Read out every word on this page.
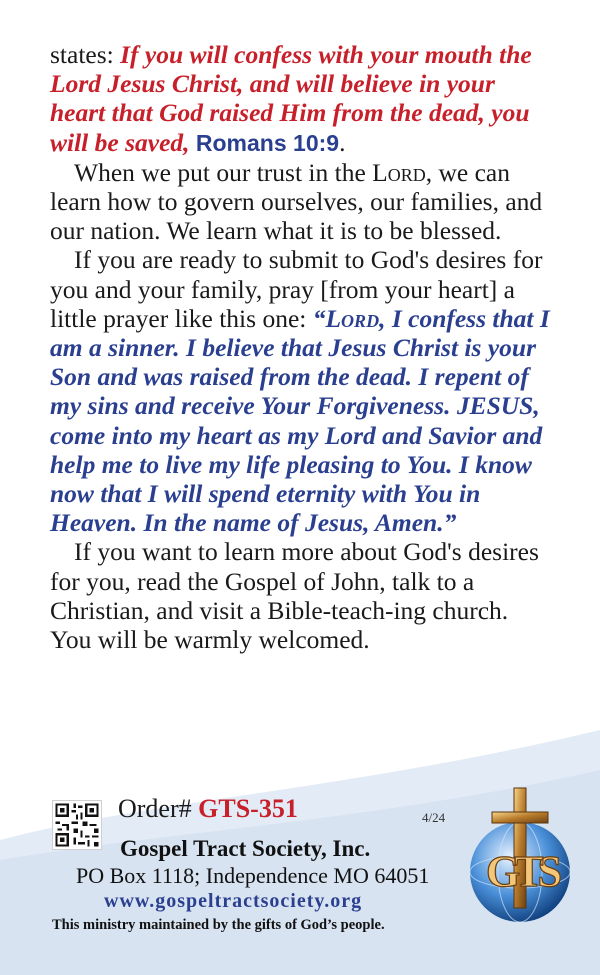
states: If you will confess with your mouth the Lord Jesus Christ, and will believe in your heart that God raised Him from the dead, you will be saved, Romans 10:9.

When we put our trust in the Lord, we can learn how to govern ourselves, our families, and our nation. We learn what it is to be blessed.

If you are ready to submit to God's desires for you and your family, pray [from your heart] a little prayer like this one: “Lord, I confess that I am a sinner. I believe that Jesus Christ is your Son and was raised from the dead. I repent of my sins and receive Your Forgiveness. JESUS, come into my heart as my Lord and Savior and help me to live my life pleasing to You. I know now that I will spend eternity with You in Heaven. In the name of Jesus, Amen.”

If you want to learn more about God's desires for you, read the Gospel of John, talk to a Christian, and visit a Bible-teach-ing church. You will be warmly welcomed.

Order# GTS-351	4/24
Gospel Tract Society, Inc.
PO Box 1118; Independence MO 64051
www.gospeltractsociety.org
This ministry maintained by the gifts of God’s people.
GTS
